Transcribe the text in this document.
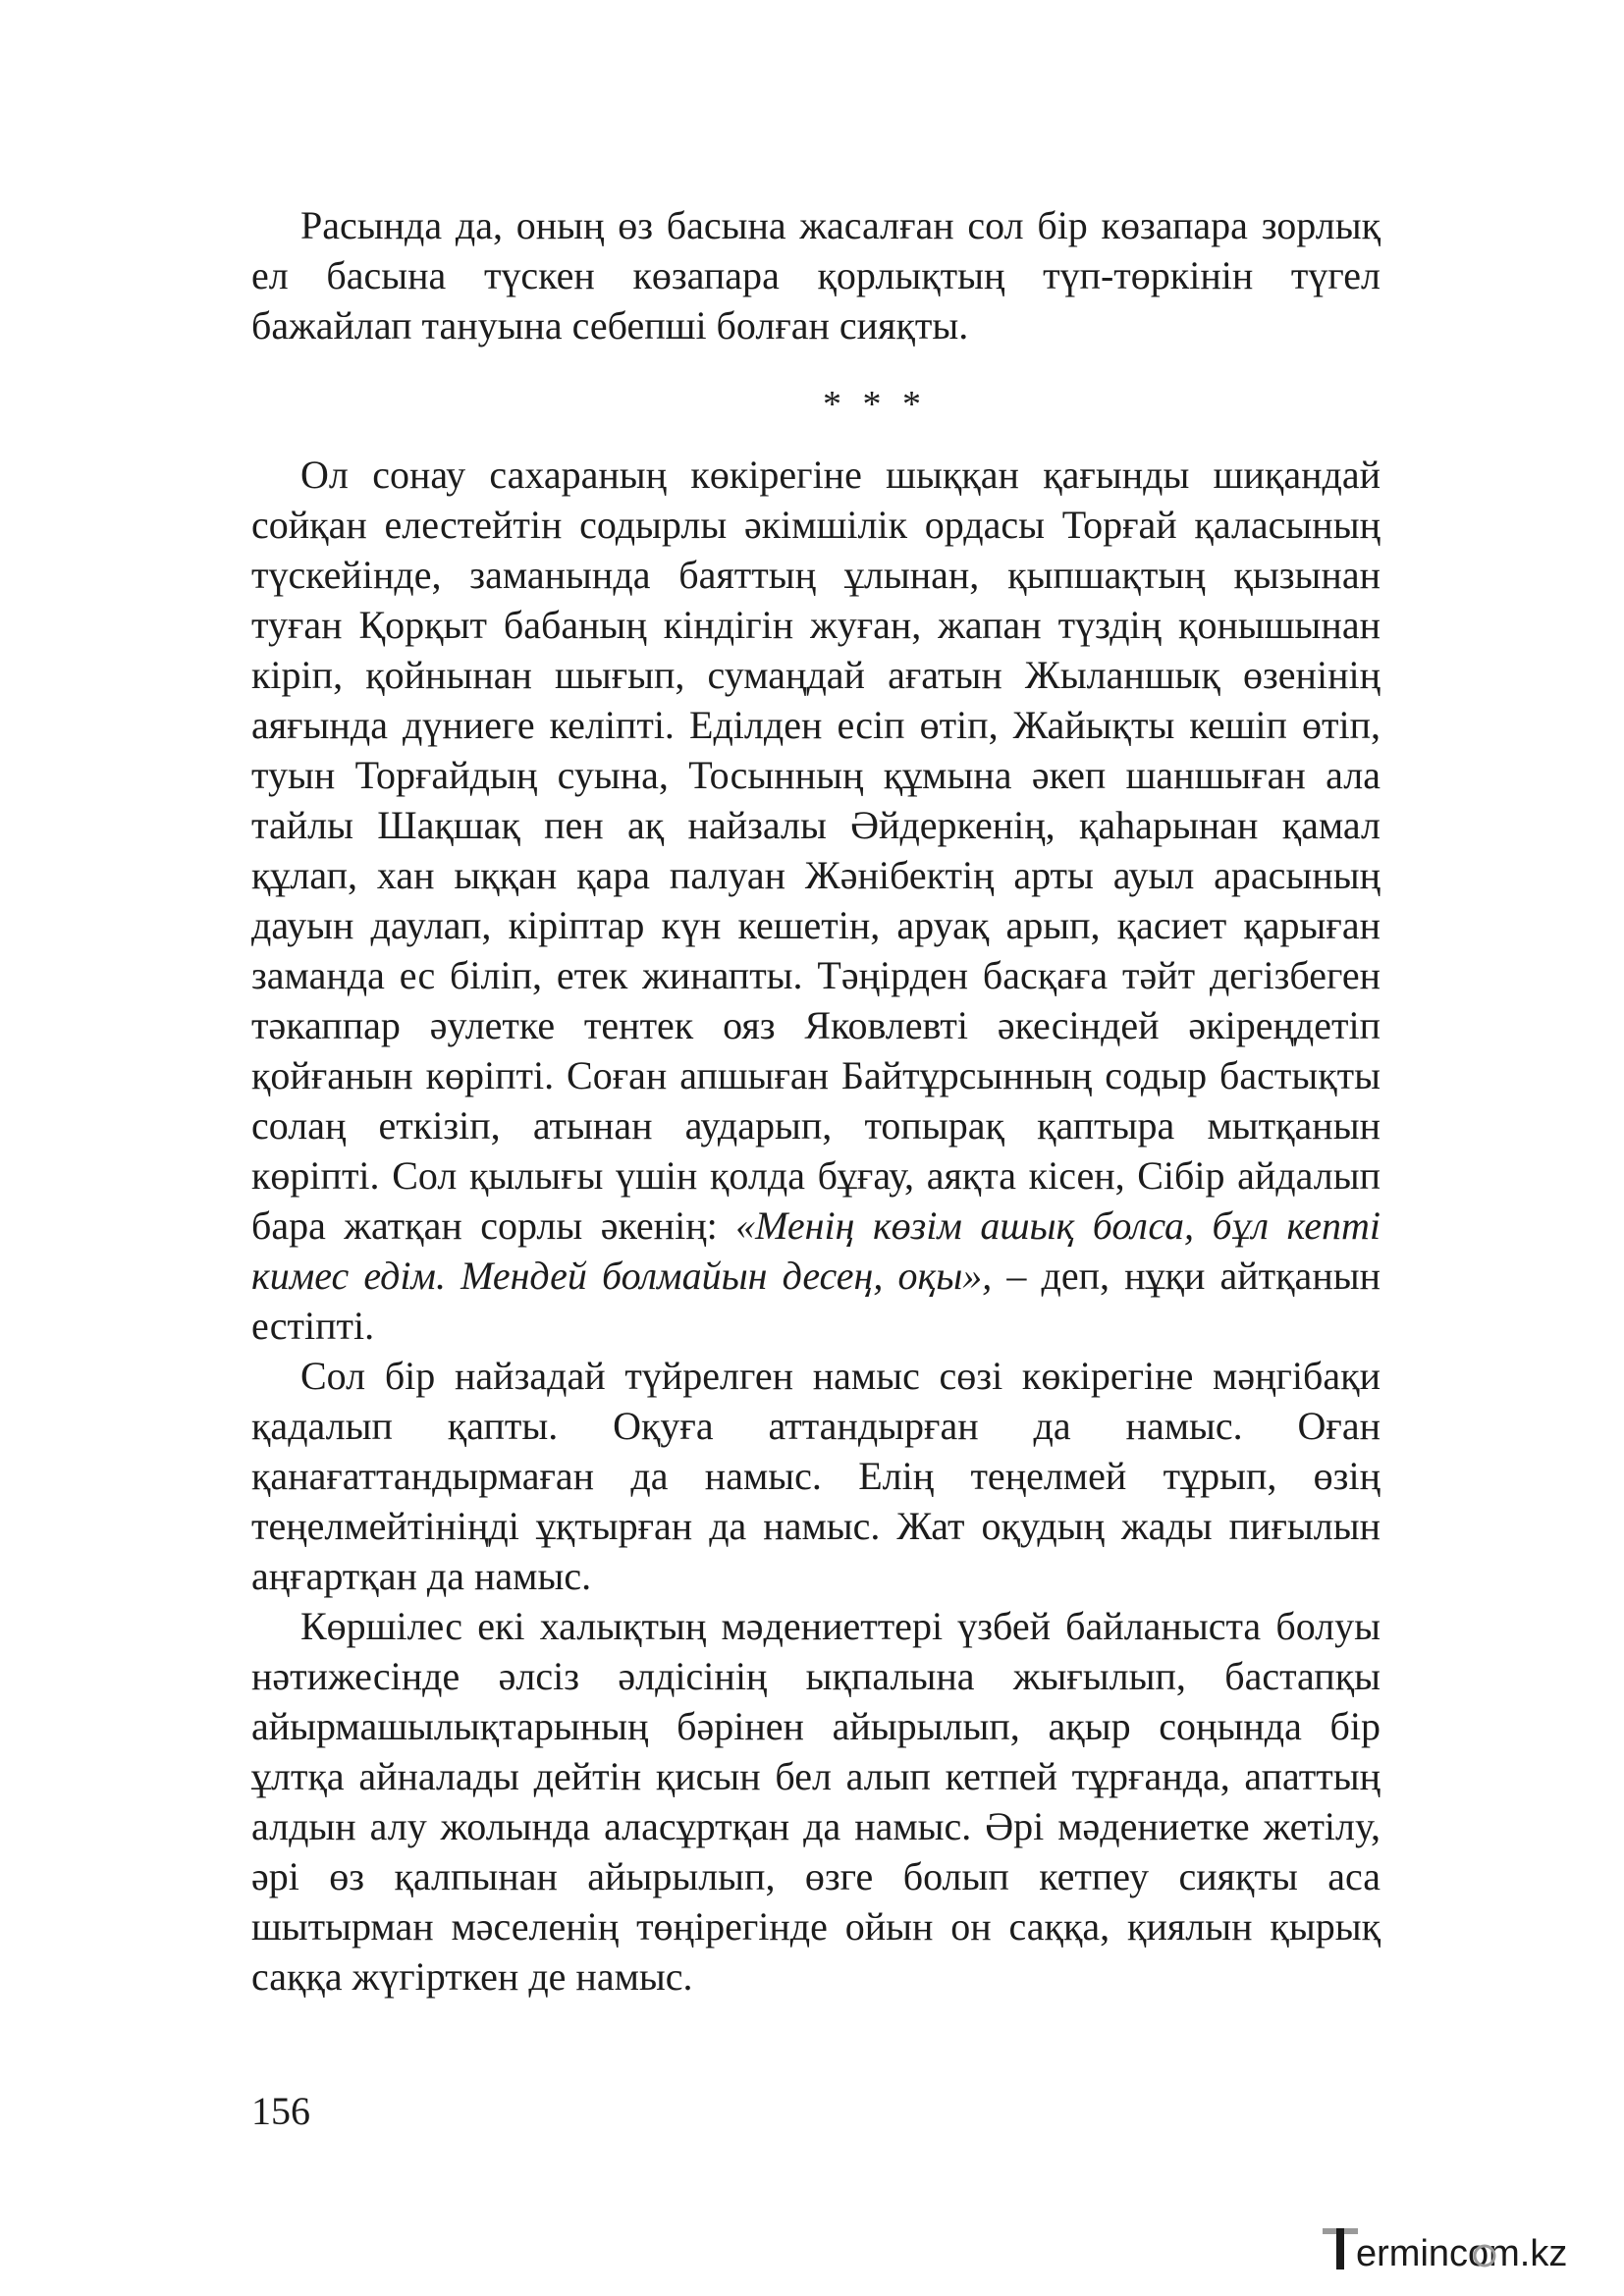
Расында да, оның өз басына жасалған сол бір көзапара зорлық ел басына түскен көзапара қорлықтың түп-төркінін түгел бажайлап тануына себепші болған сияқты.

* * *

Ол сонау сахараның көкірегіне шыққан қағынды шиқандай сойқан елестейтін содырлы әкімшілік ордасы Торғай қаласының түскейінде, заманында баяттың ұлынан, қыпшақтың қызынан туған Қорқыт бабаның кіндігін жуған, жапан түздің қонышынан кіріп, қойнынан шығып, сумаңдай ағатын Жыланшық өзенінің аяғында дүниеге келіпті. Еділден есіп өтіп, Жайықты кешіп өтіп, туын Торғайдың суына, Тосынның құмына әкеп шаншыған ала тайлы Шақшақ пен ақ найзалы Әйдеркенің, қаһарынан қамал құлап, хан ыққан қара палуан Жәнібектің арты ауыл арасының дауын даулап, кіріптар күн кешетін, аруақ арып, қасиет қарыған заманда ес біліп, етек жинапты. Тәңірден басқаға тәйт дегізбеген тәкаппар әулетке тентек ояз Яковлевті әкесіндей әкіреңдетіп қойғанын көріпті. Соған апшыған Байтұрсынның содыр бастықты солаң еткізіп, атынан аударып, топырақ қаптыра мытқанын көріпті. Сол қылығы үшін қолда бұғау, аяқта кісен, Сібір айдалып бара жатқан сорлы әкенің: «Менің көзім ашық болса, бұл кепті кимес едім. Мендей болмайын десең, оқы», – деп, нұқи айтқанын естіпті.

Сол бір найзадай түйрелген намыс сөзі көкірегіне мәңгібақи қадалып қапты. Оқуға аттандырған да намыс. Оған қанағаттандырмаған да намыс. Елің теңелмей тұрып, өзің теңелмейтініңді ұқтырған да намыс. Жат оқудың жады пиғылын аңғартқан да намыс.

Көршілес екі халықтың мәдениеттері үзбей байланыста болуы нәтижесінде әлсіз әлдісінің ықпалына жығылып, бастапқы айырмашылықтарының бәрінен айырылып, ақыр соңында бір ұлтқа айналады дейтін қисын бел алып кетпей тұрғанда, апаттың алдын алу жолында аласұртқан да намыс. Әрі мәдениетке жетілу, әрі өз қалпынан айырылып, өзге болып кетпеу сияқты аса шытырман мәселенің төңірегінде ойын он саққа, қиялын қырық саққа жүгірткен де намыс.

156
ermincom.kz
